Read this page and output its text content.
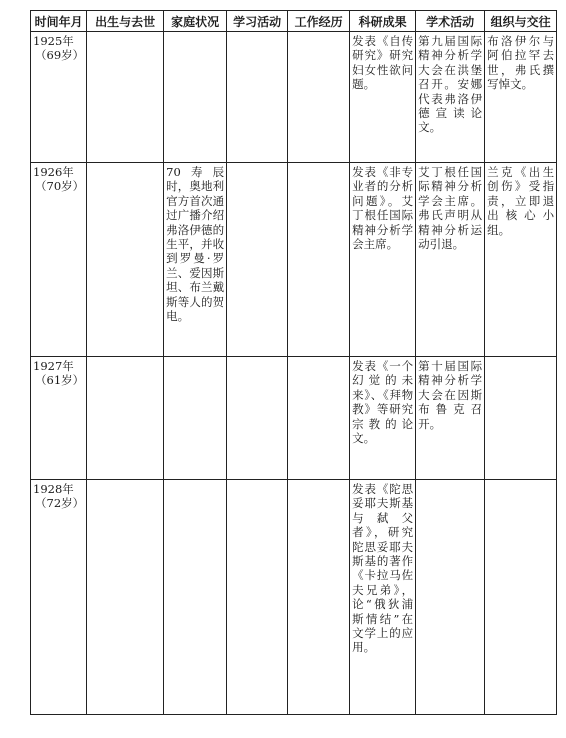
时间年月	出生与去世	家庭状况	学习活动	工作经历	科研成果	学术活动	组织与交往

1925年
（69岁）					发表《自传研究》研究妇女性欲问题。	第九届国际精神分析学大会在洪堡召开。安娜代表弗洛伊德宣读论文。	布洛伊尔与阿伯拉罕去世，弗氏撰写悼文。

1926年
（70岁）		70寿辰时，奥地利官方首次通过广播介绍弗洛伊德的生平，并收到罗曼·罗兰、爱因斯坦、布兰戴斯等人的贺电。			发表《非专业者的分析问题》。艾丁根任国际精神分析学会主席。	艾丁根任国际精神分析学会主席。弗氏声明从精神分析运动引退。	兰克《出生创伤》受指责，立即退出核心小组。

1927年
（61岁）					发表《一个幻觉的未来》、《拜物教》等研究宗教的论文。	第十届国际精神分析学大会在因斯布鲁克召开。	

1928年
（72岁）					发表《陀思妥耶夫斯基与弑父者》，研究陀思妥耶夫斯基的著作《卡拉马佐夫兄弟》，论“俄狄浦斯情结”在文学上的应用。		
